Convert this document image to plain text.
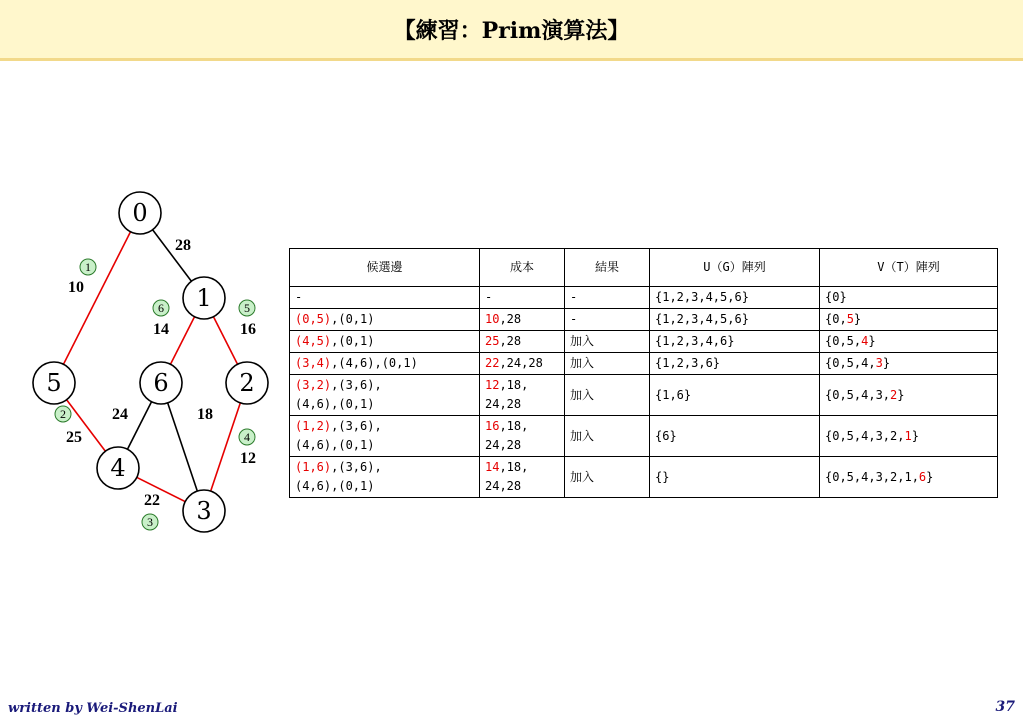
【練習：Prim演算法】
28
10
25
22
12
16
14
24	18
1
2
3
4
5
6
0
1
2
3
4
5	6
候選邊	成本	結果	U（G）陣列	V（T）陣列
-	-	-	{1,2,3,4,5,6}	{0}
(0,5),(0,1)	10,28	-	{1,2,3,4,5,6}	{0,5}
(4,5),(0,1)	25,28	加入	{1,2,3,4,6}	{0,5,4}
(3,4),(4,6),(0,1)	22,24,28	加入	{1,2,3,6}	{0,5,4,3}
(3,2),(3,6),
(4,6),(0,1)	12,18,
24,28	加入	{1,6}	{0,5,4,3,2}
(1,2),(3,6),
(4,6),(0,1)	16,18,
24,28	加入	{6}	{0,5,4,3,2,1}
(1,6),(3,6),
(4,6),(0,1)	14,18,
24,28	加入	{}	{0,5,4,3,2,1,6}
written by Wei-ShenLai	37
